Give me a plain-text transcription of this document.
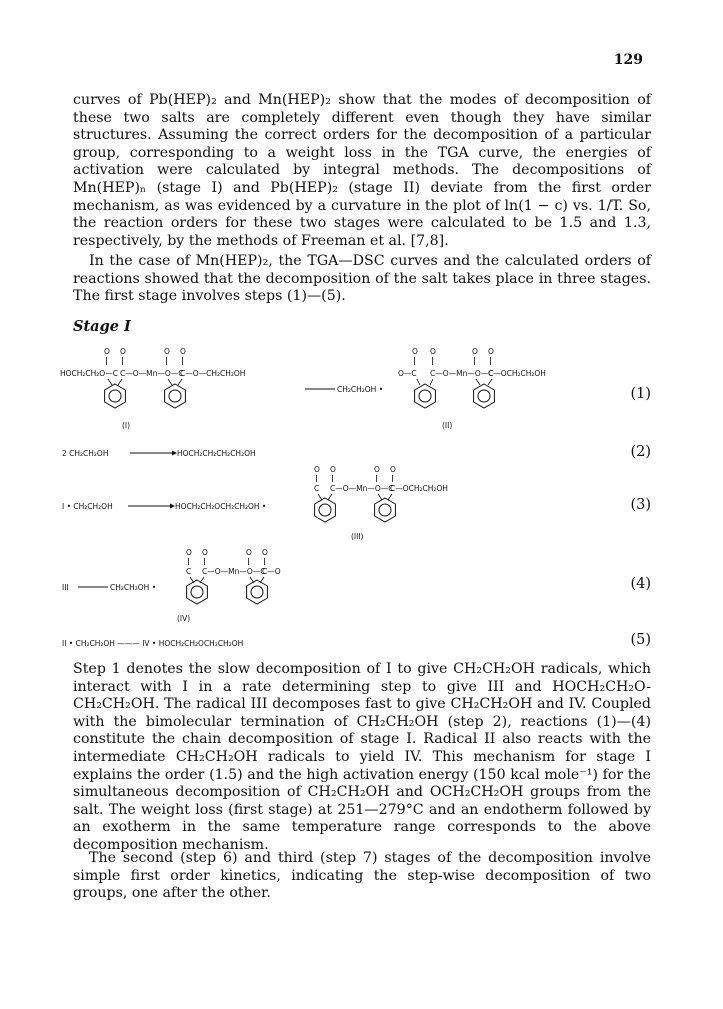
129

curves of Pb(HEP)₂ and Mn(HEP)₂ show that the modes of decomposition of these two salts are completely different even though they have similar structures. Assuming the correct orders for the decomposition of a particular group, corresponding to a weight loss in the TGA curve, the energies of activation were calculated by integral methods. The decompositions of Mn(HEP)ₙ (stage I) and Pb(HEP)₂ (stage II) deviate from the first order mechanism, as was evidenced by a curvature in the plot of ln(1 − c) vs. 1/T. So, the reaction orders for these two stages were calculated to be 1.5 and 1.3, respectively, by the methods of Freeman et al. [7,8].

In the case of Mn(HEP)₂, the TGA—DSC curves and the calculated orders of reactions showed that the decomposition of the salt takes place in three stages. The first stage involves steps (1)—(5).

Stage I

O O	O O
HOCH₂CH₂O—C C—O—Mn—O—C
C—O—CH₂CH₂OH
(I)
CH₂CH₂OH •
O O	O O
O—C C—O—Mn—O—C
C—OCH₂CH₂OH
(II)
2 CH₂CH₂OH	HOCH₂CH₂CH₂CH₂OH
O O	O O
C C—O—Mn—O—C
C—OCH₂CH₂OH
I • CH₂CH₂OH	HOCH₂CH₂OCH₂CH₂OH •
(III)
O O	O O
C C—O—Mn—O—C
C—O
III	CH₂CH₂OH •
(IV)
II • CH₂CH₂OH ——— IV • HOCH₂CH₂OCH₂CH₂OH
(1)
(2)
(3)
(4)
(5)

Step 1 denotes the slow decomposition of I to give CH₂CH₂OH radicals, which interact with I in a rate determining step to give III and HOCH₂CH₂O-CH₂CH₂OH. The radical III decomposes fast to give CH₂CH₂OH and IV. Coupled with the bimolecular termination of CH₂CH₂OH (step 2), reactions (1)—(4) constitute the chain decomposition of stage I. Radical II also reacts with the intermediate CH₂CH₂OH radicals to yield IV. This mechanism for stage I explains the order (1.5) and the high activation energy (150 kcal mole⁻¹) for the simultaneous decomposition of CH₂CH₂OH and OCH₂CH₂OH groups from the salt. The weight loss (first stage) at 251—279°C and an endotherm followed by an exotherm in the same temperature range corresponds to the above decomposition mechanism.

The second (step 6) and third (step 7) stages of the decomposition involve simple first order kinetics, indicating the step-wise decomposition of two groups, one after the other.
